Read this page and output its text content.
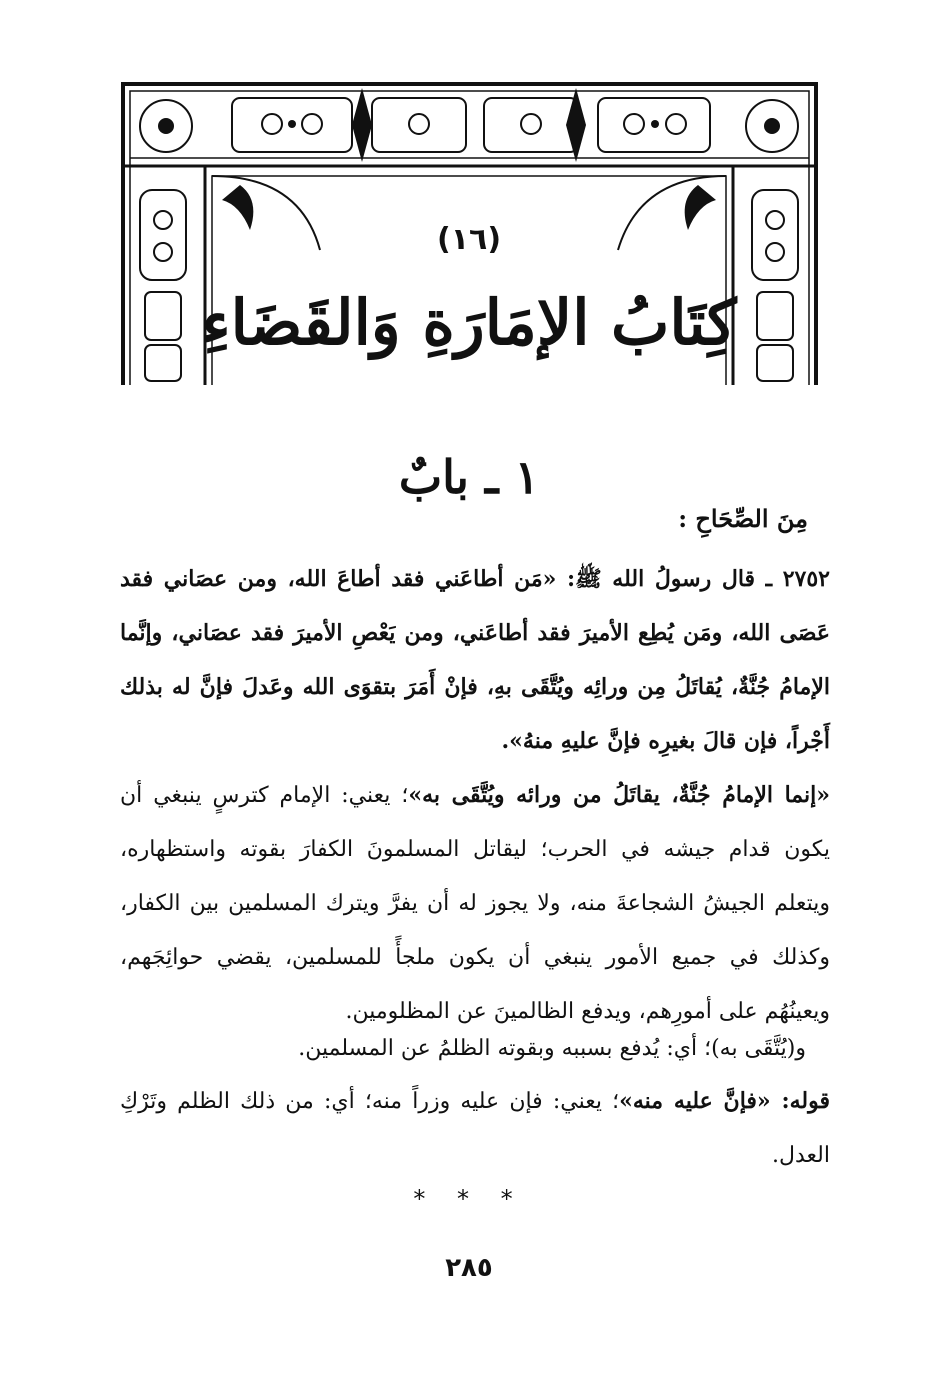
(١٦)
كِتَابُ الإمَارَةِ وَالقَضَاءِ
١ ـ بابٌ
مِنَ الصِّحَاحِ :
٢٧٥٢ ـ قال رسولُ الله ﷺ: «مَن أطاعَني فقد أطاعَ الله، ومن عصَاني فقد عَصَى الله، ومَن يُطِع الأميرَ فقد أطاعَني، ومن يَعْصِ الأميرَ فقد عصَاني، وإنَّما الإمامُ جُنَّةٌ، يُقاتَلُ مِن ورائِه ويُتَّقَى بهِ، فإنْ أَمَرَ بتقوَى الله وعَدلَ فإنَّ له بذلك أَجْراً، فإن قالَ بغيرِه فإنَّ عليهِ منهُ».
«إنما الإمامُ جُنَّةٌ، يقاتَلُ من ورائه ويُتَّقَى به»؛ يعني: الإمام كترسٍ ينبغي أن يكون قدام جيشه في الحرب؛ ليقاتل المسلمونَ الكفارَ بقوته واستظهاره، ويتعلم الجيشُ الشجاعةَ منه، ولا يجوز له أن يفرَّ ويترك المسلمين بين الكفار، وكذلك في جميع الأمور ينبغي أن يكون ملجأً للمسلمين، يقضي حوائِجَهم، ويعينُهُم على أمورِهم، ويدفع الظالمينَ عن المظلومين.
و(يُتَّقَى به)؛ أي: يُدفع بسببه وبقوته الظلمُ عن المسلمين.
قوله: «فإنَّ عليه منه»؛ يعني: فإن عليه وزراً منه؛ أي: من ذلك الظلم وتَرْكِ العدل.
* * *
٢٨٥
